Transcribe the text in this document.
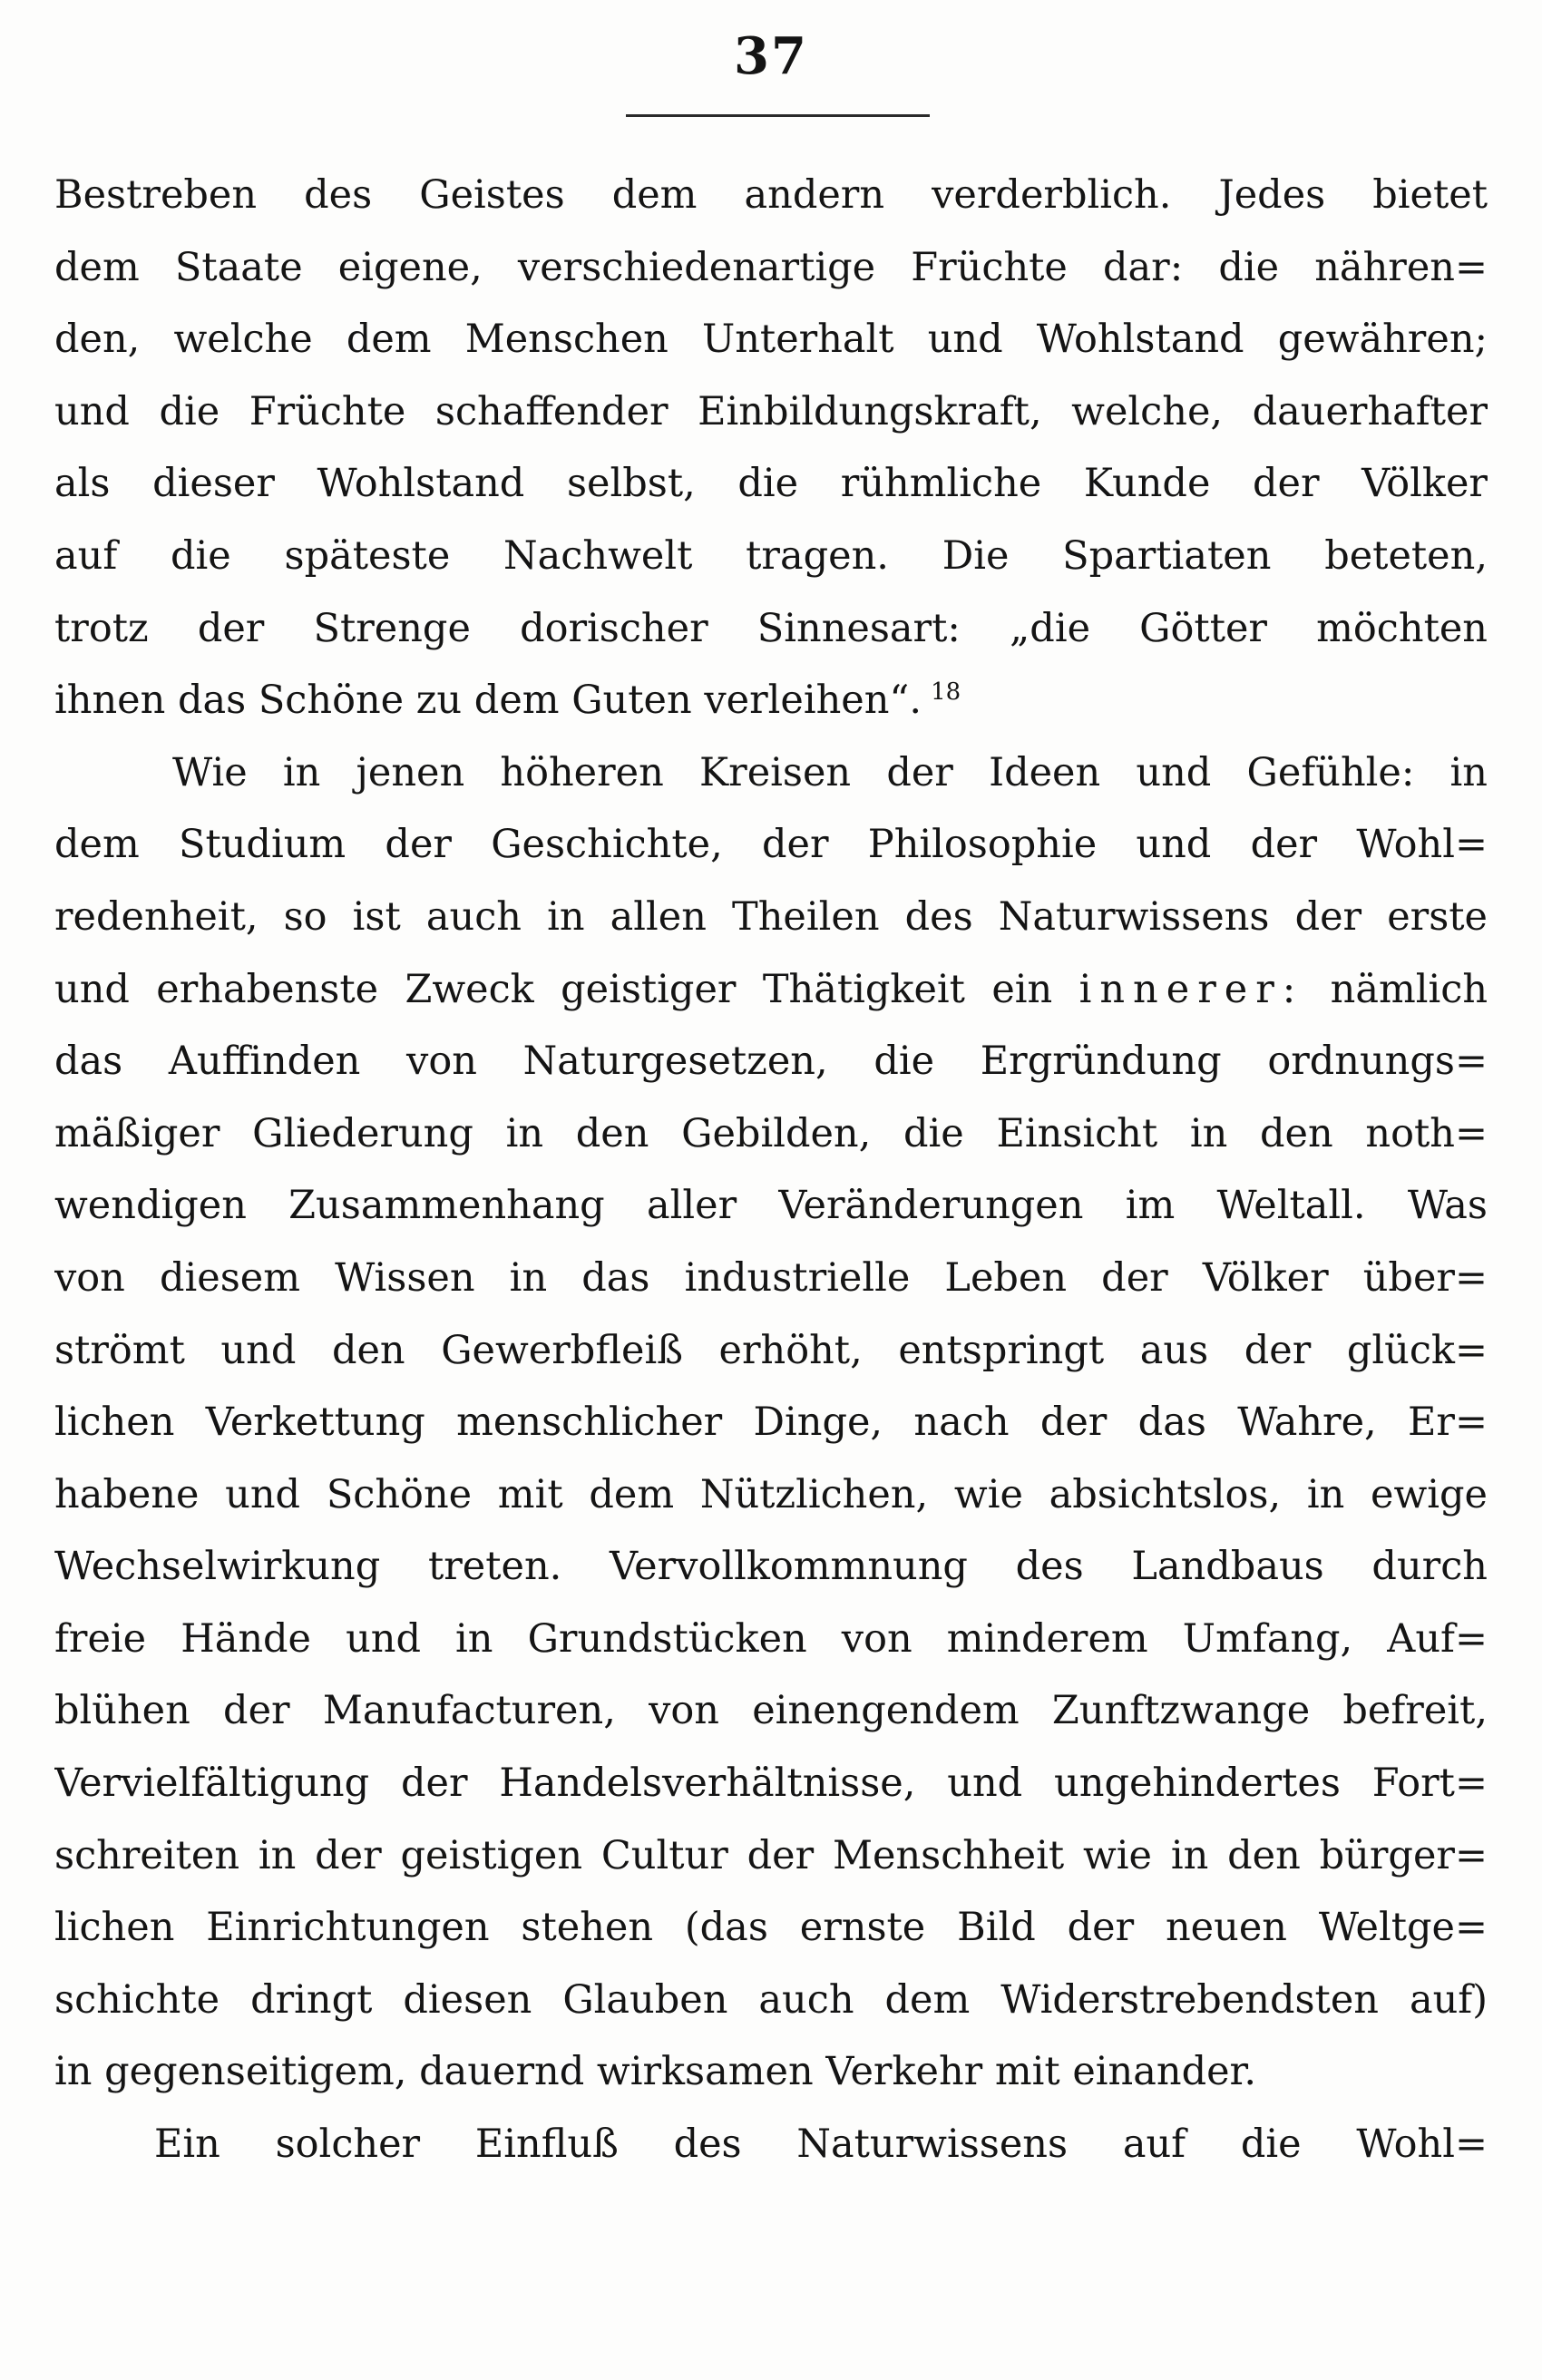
37
Bestreben des Geistes dem andern verderblich. Jedes bietet
dem Staate eigene, verschiedenartige Früchte dar: die nähren=
den, welche dem Menschen Unterhalt und Wohlstand gewähren;
und die Früchte schaffender Einbildungskraft, welche, dauerhafter
als dieser Wohlstand selbst, die rühmliche Kunde der Völker
auf die späteste Nachwelt tragen. Die Spartiaten beteten,
trotz der Strenge dorischer Sinnesart: „die Götter möchten
ihnen das Schöne zu dem Guten verleihen“. $^{18}$
Wie in jenen höheren Kreisen der Ideen und Gefühle: in
dem Studium der Geschichte, der Philosophie und der Wohl=
redenheit, so ist auch in allen Theilen des Naturwissens der erste
und erhabenste Zweck geistiger Thätigkeit ein innerer: nämlich
das Auffinden von Naturgesetzen, die Ergründung ordnungs=
mäßiger Gliederung in den Gebilden, die Einsicht in den noth=
wendigen Zusammenhang aller Veränderungen im Weltall. Was
von diesem Wissen in das industrielle Leben der Völker über=
strömt und den Gewerbfleiß erhöht, entspringt aus der glück=
lichen Verkettung menschlicher Dinge, nach der das Wahre, Er=
habene und Schöne mit dem Nützlichen, wie absichtslos, in ewige
Wechselwirkung treten. Vervollkommnung des Landbaus durch
freie Hände und in Grundstücken von minderem Umfang, Auf=
blühen der Manufacturen, von einengendem Zunftzwange befreit,
Vervielfältigung der Handelsverhältnisse, und ungehindertes Fort=
schreiten in der geistigen Cultur der Menschheit wie in den bürger=
lichen Einrichtungen stehen (das ernste Bild der neuen Weltge=
schichte dringt diesen Glauben auch dem Widerstrebendsten auf)
in gegenseitigem, dauernd wirksamen Verkehr mit einander.
Ein solcher Einfluß des Naturwissens auf die Wohl=
